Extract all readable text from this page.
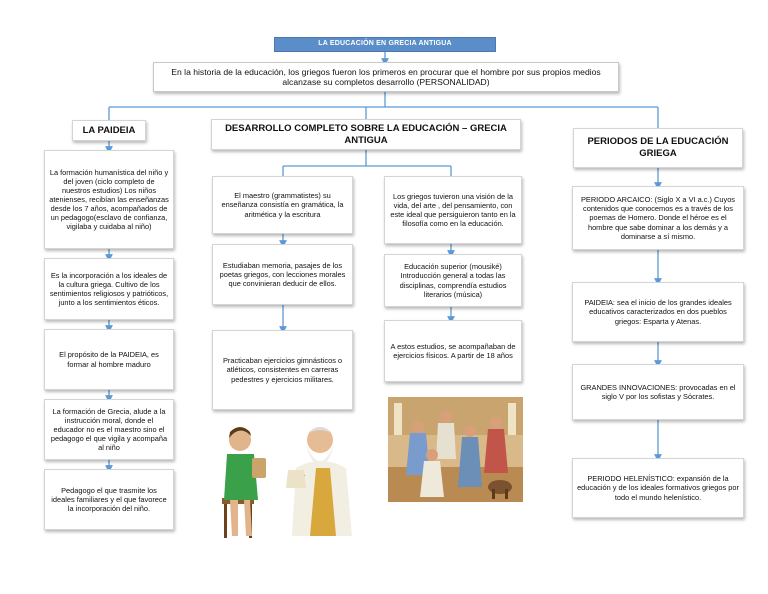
LA EDUCACIÓN EN GRECIA ANTIGUA
En la historia de la educación, los griegos fueron los primeros en procurar que el hombre por sus propios medios alcanzase su completos desarrollo (PERSONALIDAD)
LA PAIDEIA	DESARROLLO COMPLETO SOBRE LA EDUCACIÓN – GRECIA ANTIGUA	PERIODOS DE LA EDUCACIÓN GRIEGA
La formación humanística del niño y del joven (ciclo completo de nuestros estudios) Los niños atenienses, recibían las enseñanzas desde los 7 años, acompañados de un pedagogo(esclavo de confianza, vigilaba y cuidaba al niño)
Es la incorporación a los ideales de la cultura griega. Cultivo de los sentimientos religiosos y patrióticos, junto a los sentimientos éticos.
El propósito de la PAIDEIA, es formar al hombre maduro
La formación de Grecia, alude a la instrucción moral, donde el educador no es el maestro sino el pedagogo el que vigila y acompaña al niño
Pedagogo el que trasmite los ideales familiares y el que favorece la incorporación del niño.
El maestro (grammatistes) su enseñanza consistía en gramática, la aritmética y la escritura
Estudiaban memoria, pasajes de los poetas griegos, con lecciones morales que convinieran deducir de ellos.
Practicaban ejercicios gimnásticos o atléticos, consistentes en carreras pedestres y ejercicios militares.
Los griegos tuvieron una visión de la vida, del arte , del pensamiento, con este ideal que persiguieron tanto en la filosofía como en la educación.
Educación superior (mousiké) Introducción general a todas las disciplinas, comprendía estudios literarios (música)
A estos estudios, se acompañaban de ejercicios físicos. A partir de 18 años
PERIODO ARCAICO: (Siglo X a VI a.c.) Cuyos contenidos que conocemos es a través de los poemas de Homero. Donde el héroe es el hombre que sabe dominar a los demás y a dominarse a sí mismo.
PAIDEIA: sea el inicio de los grandes ideales educativos caracterizados en dos pueblos griegos: Esparta y Atenas.
GRANDES INNOVACIONES: provocadas en el siglo V por los sofistas y Sócrates.
PERIODO HELENÍSTICO: expansión de la educación y de los ideales formativos griegos por todo el mundo helenístico.
